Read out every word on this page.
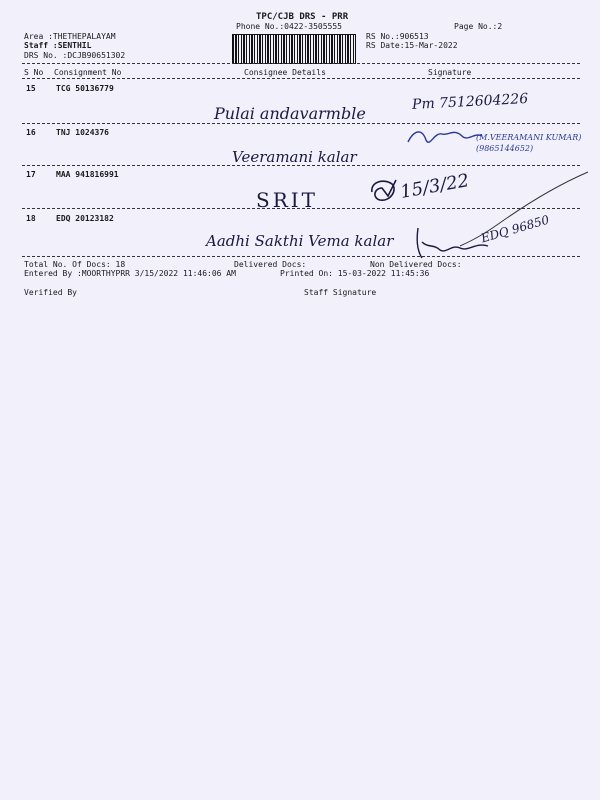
TPC/CJB DRS - PRR
Phone No.:0422-3505555	Page No.:2
Area :THETHEPALAYAM
Staff :SENTHIL
DRS No. :DCJB90651302
RS No.:906513
RS Date:15-Mar-2022
S No Consignment No	Consignee Details	Signature
15	TCG 50136779
Pulai andavarmble
Pm 7512604226
16	TNJ 1024376
Veeramani kalar
(M.VEERAMANI KUMAR) (9865144652)
17	MAA 941816991
SRIT	15/3/22
18	EDQ 20123182
Aadhi Sakthi Vema kalar	EDQ 96850
Total No. Of Docs: 18	Delivered Docs:	Non Delivered Docs:
Entered By :MOORTHYPRR 3/15/2022 11:46:06 AM	Printed On: 15-03-2022 11:45:36
Verified By	Staff Signature
